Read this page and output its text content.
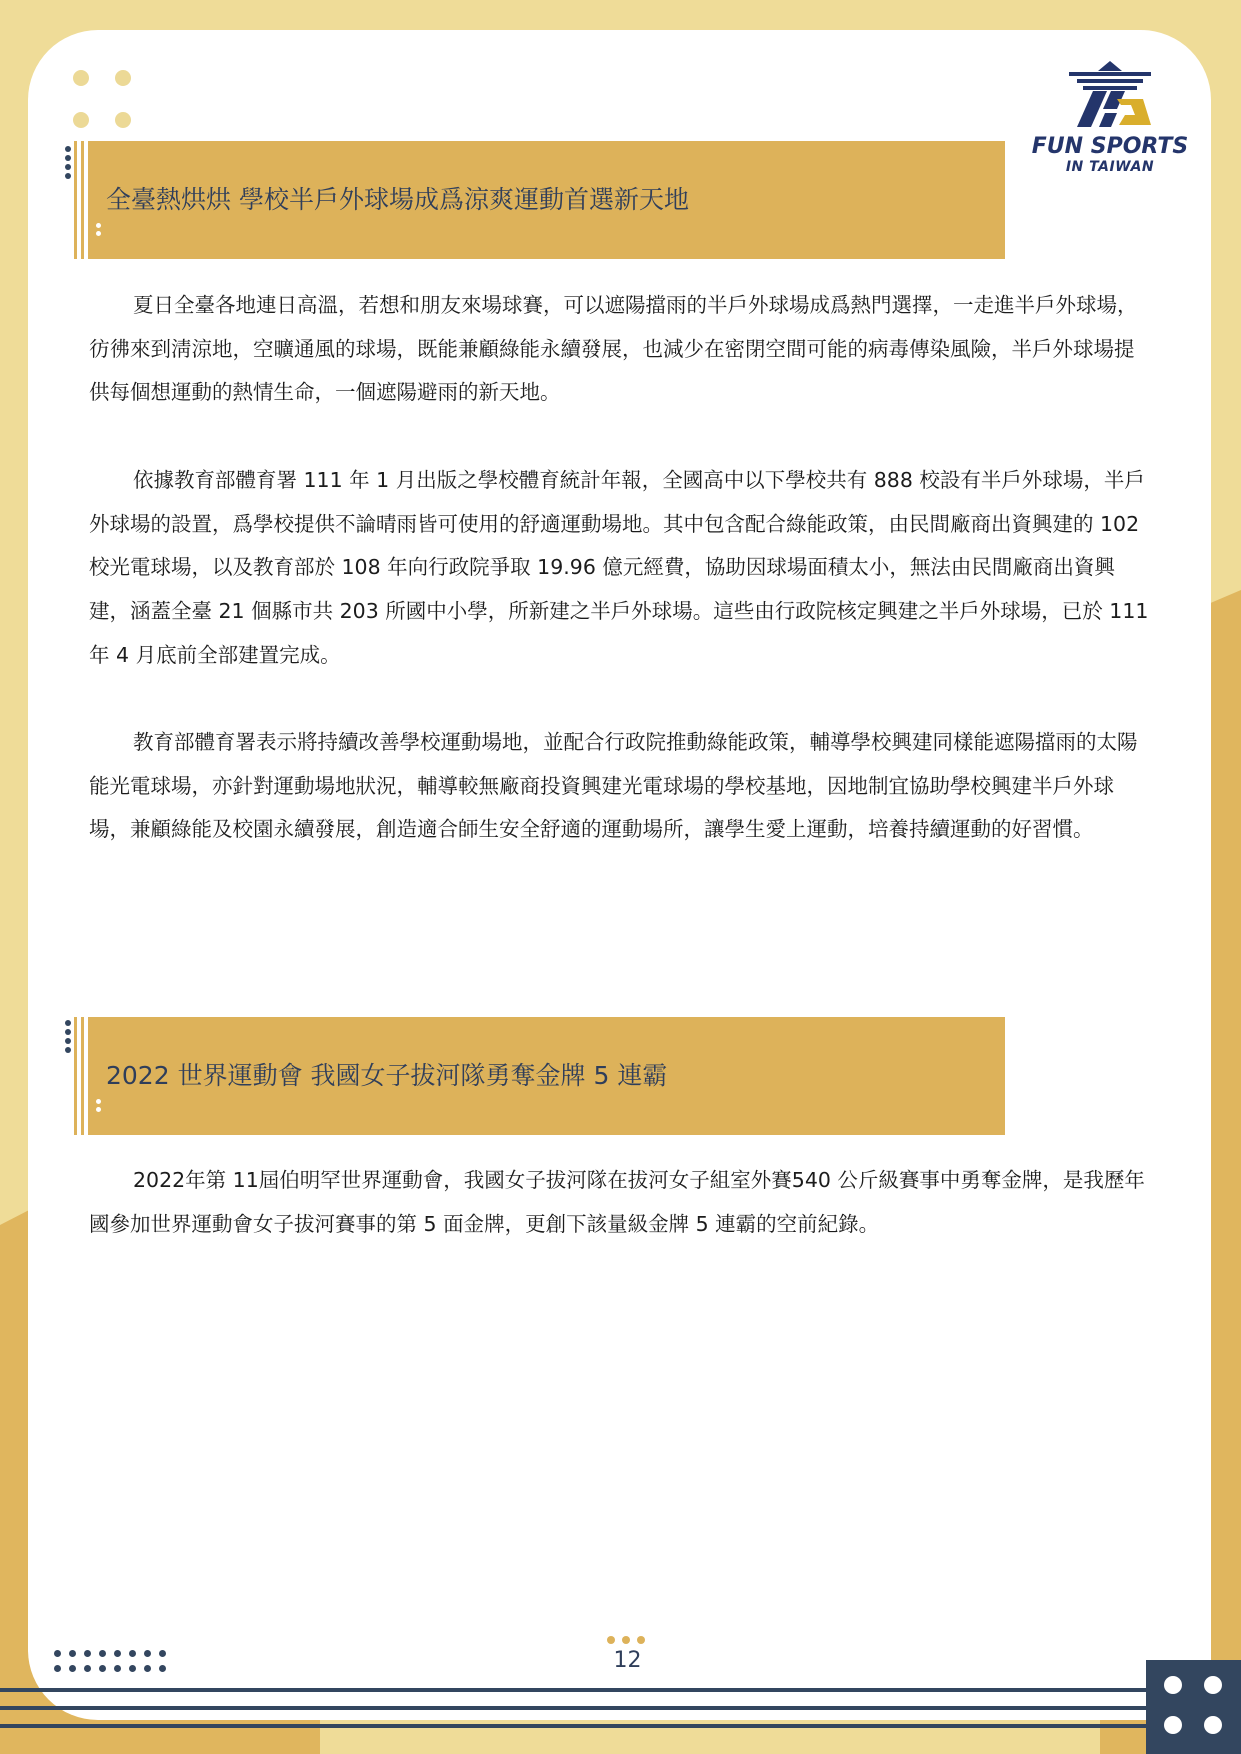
FUN SPORTS
IN TAIWAN
全臺熱烘烘 學校半戶外球場成爲涼爽運動首選新天地

夏日全臺各地連日高溫，若想和朋友來場球賽，可以遮陽擋雨的半戶外球場成爲熱門選擇，一走進半戶外球場，彷彿來到淸涼地，空曠通風的球場，既能兼顧綠能永續發展，也減少在密閉空間可能的病毒傳染風險，半戶外球場提供每個想運動的熱情生命，一個遮陽避雨的新天地。

依據教育部體育署 111 年 1 月出版之學校體育統計年報，全國高中以下學校共有 888 校設有半戶外球場，半戶外球場的設置，爲學校提供不論晴雨皆可使用的舒適運動場地。其中包含配合綠能政策，由民間廠商出資興建的 102 校光電球場，以及教育部於 108 年向行政院爭取 19.96 億元經費，協助因球場面積太小，無法由民間廠商出資興建，涵蓋全臺 21 個縣市共 203 所國中小學，所新建之半戶外球場。這些由行政院核定興建之半戶外球場，已於 111 年 4 月底前全部建置完成。

教育部體育署表示將持續改善學校運動場地，並配合行政院推動綠能政策，輔導學校興建同樣能遮陽擋雨的太陽能光電球場，亦針對運動場地狀況，輔導較無廠商投資興建光電球場的學校基地，因地制宜協助學校興建半戶外球場，兼顧綠能及校園永續發展，創造適合師生安全舒適的運動場所，讓學生愛上運動，培養持續運動的好習慣。

2022 世界運動會 我國女子拔河隊勇奪金牌 5 連霸

2022年第 11屆伯明罕世界運動會，我國女子拔河隊在拔河女子組室外賽540 公斤級賽事中勇奪金牌，是我歷年國參加世界運動會女子拔河賽事的第 5 面金牌，更創下該量級金牌 5 連霸的空前紀錄。

12
